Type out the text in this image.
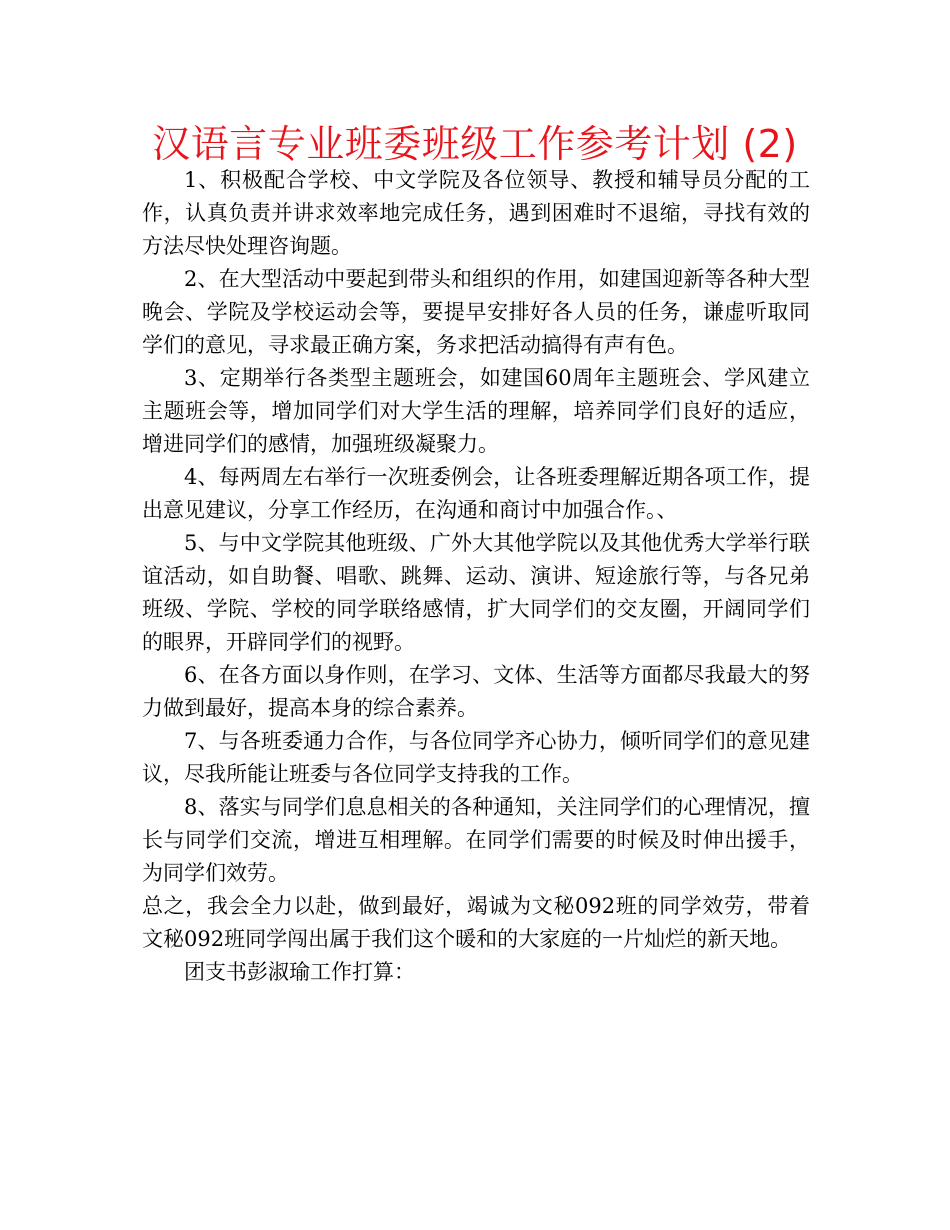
汉语言专业班委班级工作参考计划 (2)

1、积极配合学校、中文学院及各位领导、教授和辅导员分配的工作，认真负责并讲求效率地完成任务，遇到困难时不退缩，寻找有效的方法尽快处理咨询题。

2、在大型活动中要起到带头和组织的作用，如建国迎新等各种大型晚会、学院及学校运动会等，要提早安排好各人员的任务，谦虚听取同学们的意见，寻求最正确方案，务求把活动搞得有声有色。

3、定期举行各类型主题班会，如建国60周年主题班会、学风建立主题班会等，增加同学们对大学生活的理解，培养同学们良好的适应，增进同学们的感情，加强班级凝聚力。

4、每两周左右举行一次班委例会，让各班委理解近期各项工作，提出意见建议，分享工作经历，在沟通和商讨中加强合作。、

5、与中文学院其他班级、广外大其他学院以及其他优秀大学举行联谊活动，如自助餐、唱歌、跳舞、运动、演讲、短途旅行等，与各兄弟班级、学院、学校的同学联络感情，扩大同学们的交友圈，开阔同学们的眼界，开辟同学们的视野。

6、在各方面以身作则，在学习、文体、生活等方面都尽我最大的努力做到最好，提高本身的综合素养。

7、与各班委通力合作，与各位同学齐心协力，倾听同学们的意见建议，尽我所能让班委与各位同学支持我的工作。

8、落实与同学们息息相关的各种通知，关注同学们的心理情况，擅长与同学们交流，增进互相理解。在同学们需要的时候及时伸出援手，为同学们效劳。

总之，我会全力以赴，做到最好，竭诚为文秘092班的同学效劳，带着文秘092班同学闯出属于我们这个暖和的大家庭的一片灿烂的新天地。

团支书彭淑瑜工作打算：
